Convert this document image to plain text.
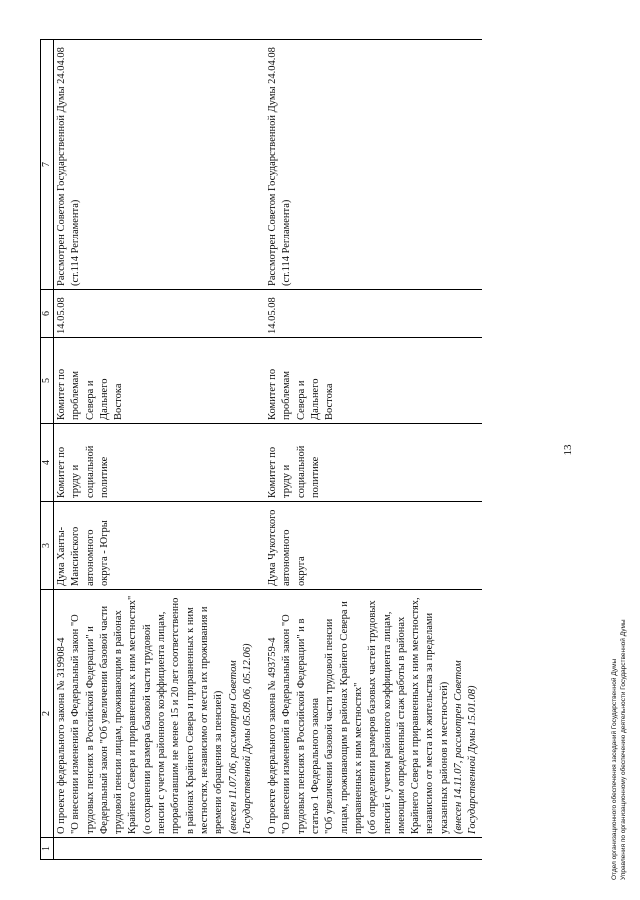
13
1	2	3	4	5	6	7

	О проекте федерального закона № 319908-4 "О внесении изменений в Федеральный закон "О трудовых пенсиях в Российской Федерации" и Федеральный закон "Об увеличении базовой части трудовой пенсии лицам, проживающим в районах Крайнего Севера и приравненных к ним местностях" (о сохранении размера базовой части трудовой пенсии с учетом районного коэффициента лицам, проработавшим не менее 15 и 20 лет соответственно в районах Крайнего Севера и приравненных к ним местностях, независимо от места их проживания и времени обращения за пенсией) (внесен 11.07.06, рассмотрен Советом Государственной Думы 05.09.06, 05.12.06)	Дума Ханты-Мансийского автономного округа - Югры	Комитет по труду и социальной политике	Комитет по проблемам Севера и Дальнего Востока	14.05.08	Рассмотрен Советом Государственной Думы 24.04.08 (ст.114 Регламента)

	О проекте федерального закона № 493759-4 "О внесении изменений в Федеральный закон "О трудовых пенсиях в Российской Федерации" и в статью 1 Федерального закона "Об увеличении базовой части трудовой пенсии лицам, проживающим в районах Крайнего Севера и приравненных к ним местностях" (об определении размеров базовых частей трудовых пенсий с учетом районного коэффициента лицам, имеющим определенный стаж работы в районах Крайнего Севера и приравненных к ним местностях, независимо от места их жительства за пределами указанных районов и местностей) (внесен 14.11.07, рассмотрен Советом Государственной Думы 15.01.08)	Дума Чукотского автономного округа	Комитет по труду и социальной политике	Комитет по проблемам Севера и Дальнего Востока	14.05.08	Рассмотрен Советом Государственной Думы 24.04.08 (ст.114 Регламента)
Отдел организационного обеспечения заседаний Государственной Думы Управления по организационному обеспечению деятельности Государственной Думы
